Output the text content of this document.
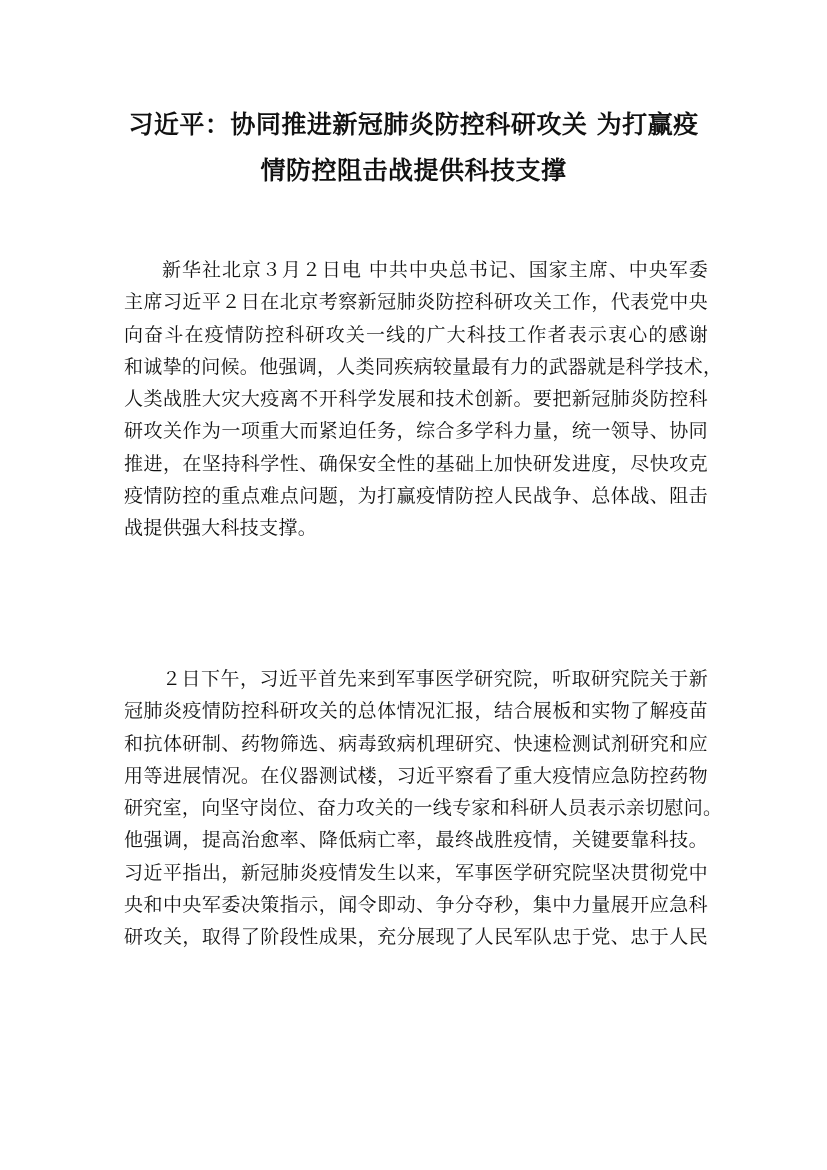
习近平：协同推进新冠肺炎防控科研攻关 为打赢疫
情防控阻击战提供科技支撑
新华社北京３月２日电 中共中央总书记、国家主席、中央军委
主席习近平２日在北京考察新冠肺炎防控科研攻关工作，代表党中央
向奋斗在疫情防控科研攻关一线的广大科技工作者表示衷心的感谢
和诚挚的问候。他强调，人类同疾病较量最有力的武器就是科学技术，
人类战胜大灾大疫离不开科学发展和技术创新。要把新冠肺炎防控科
研攻关作为一项重大而紧迫任务，综合多学科力量，统一领导、协同
推进，在坚持科学性、确保安全性的基础上加快研发进度，尽快攻克
疫情防控的重点难点问题，为打赢疫情防控人民战争、总体战、阻击
战提供强大科技支撑。
２日下午，习近平首先来到军事医学研究院，听取研究院关于新
冠肺炎疫情防控科研攻关的总体情况汇报，结合展板和实物了解疫苗
和抗体研制、药物筛选、病毒致病机理研究、快速检测试剂研究和应
用等进展情况。在仪器测试楼，习近平察看了重大疫情应急防控药物
研究室，向坚守岗位、奋力攻关的一线专家和科研人员表示亲切慰问。
他强调，提高治愈率、降低病亡率，最终战胜疫情，关键要靠科技。
习近平指出，新冠肺炎疫情发生以来，军事医学研究院坚决贯彻党中
央和中央军委决策指示，闻令即动、争分夺秒，集中力量展开应急科
研攻关，取得了阶段性成果，充分展现了人民军队忠于党、忠于人民
